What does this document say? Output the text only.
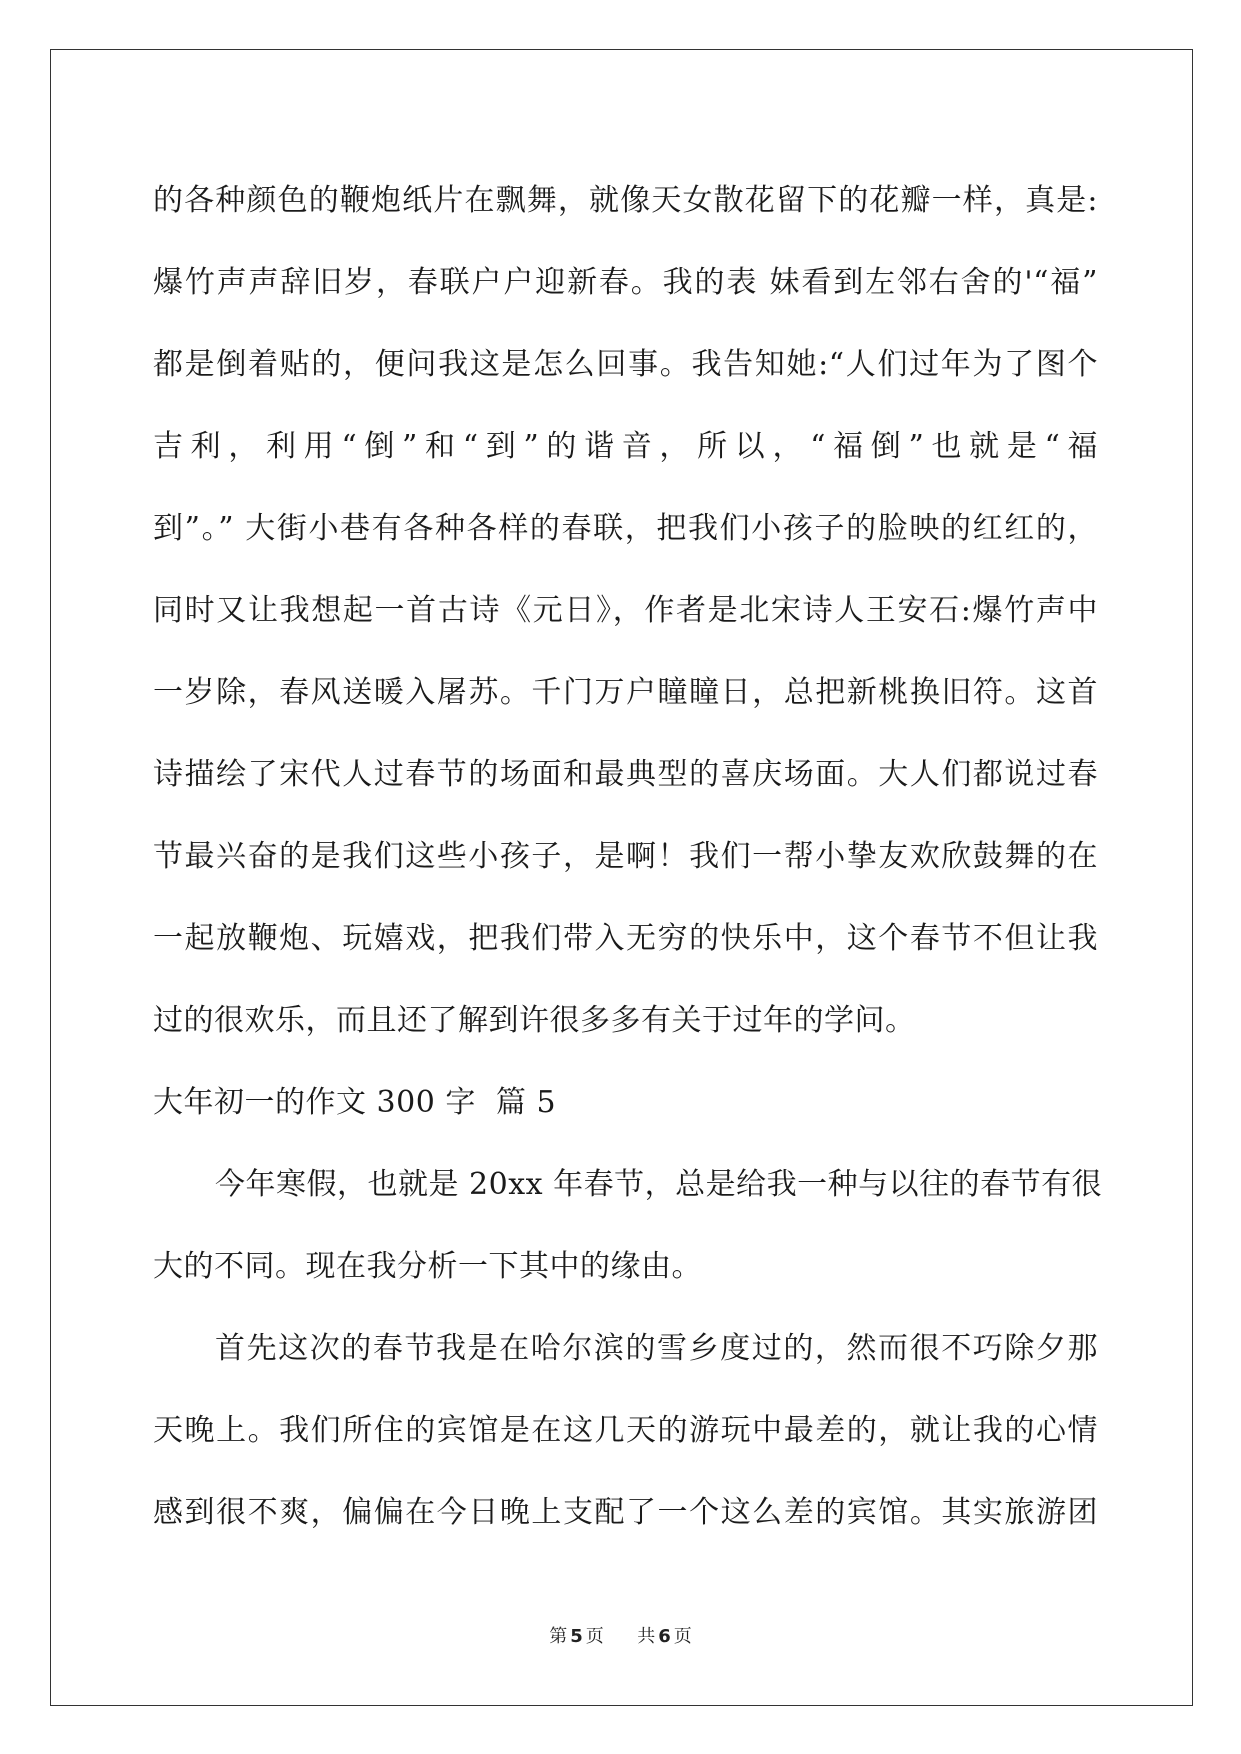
的各种颜色的鞭炮纸片在飘舞，就像天女散花留下的花瓣一样，真是:
爆竹声声辞旧岁，春联户户迎新春。我的表 妹看到左邻右舍的'“福”
都是倒着贴的，便问我这是怎么回事。我告知她:“人们过年为了图个
吉利，利用“倒”和“到”的谐音，所以，“福倒”也就是“福
到”。” 大街小巷有各种各样的春联，把我们小孩子的脸映的红红的，
同时又让我想起一首古诗《元日》，作者是北宋诗人王安石:爆竹声中
一岁除，春风送暖入屠苏。千门万户瞳瞳日，总把新桃换旧符。这首
诗描绘了宋代人过春节的场面和最典型的喜庆场面。大人们都说过春
节最兴奋的是我们这些小孩子，是啊！我们一帮小挚友欢欣鼓舞的在
一起放鞭炮、玩嬉戏，把我们带入无穷的快乐中，这个春节不但让我
过的很欢乐，而且还了解到许很多多有关于过年的学问。
大年初一的作文 300 字  篇 5
今年寒假，也就是 20xx 年春节，总是给我一种与以往的春节有很
大的不同。现在我分析一下其中的缘由。
首先这次的春节我是在哈尔滨的雪乡度过的，然而很不巧除夕那
天晚上。我们所住的宾馆是在这几天的游玩中最差的，就让我的心情
感到很不爽，偏偏在今日晚上支配了一个这么差的宾馆。其实旅游团
第 5 页 共 6 页
